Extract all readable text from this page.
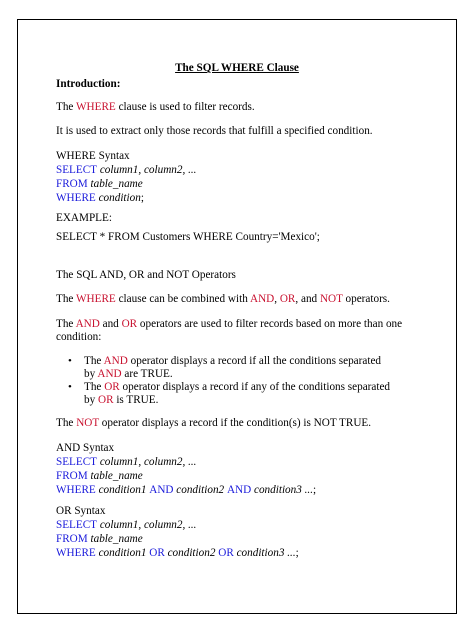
The SQL WHERE Clause
Introduction:
The WHERE clause is used to filter records.
It is used to extract only those records that fulfill a specified condition.
WHERE Syntax
SELECT column1, column2, ...
FROM table_name
WHERE condition;
EXAMPLE:
SELECT * FROM Customers WHERE Country='Mexico';
The SQL AND, OR and NOT Operators
The WHERE clause can be combined with AND, OR, and NOT operators.
The AND and OR operators are used to filter records based on more than one
condition:
• The AND operator displays a record if all the conditions separated
by AND are TRUE.
• The OR operator displays a record if any of the conditions separated
by OR is TRUE.
The NOT operator displays a record if the condition(s) is NOT TRUE.
AND Syntax
SELECT column1, column2, ...
FROM table_name
WHERE condition1 AND condition2 AND condition3 ...;
OR Syntax
SELECT column1, column2, ...
FROM table_name
WHERE condition1 OR condition2 OR condition3 ...;
